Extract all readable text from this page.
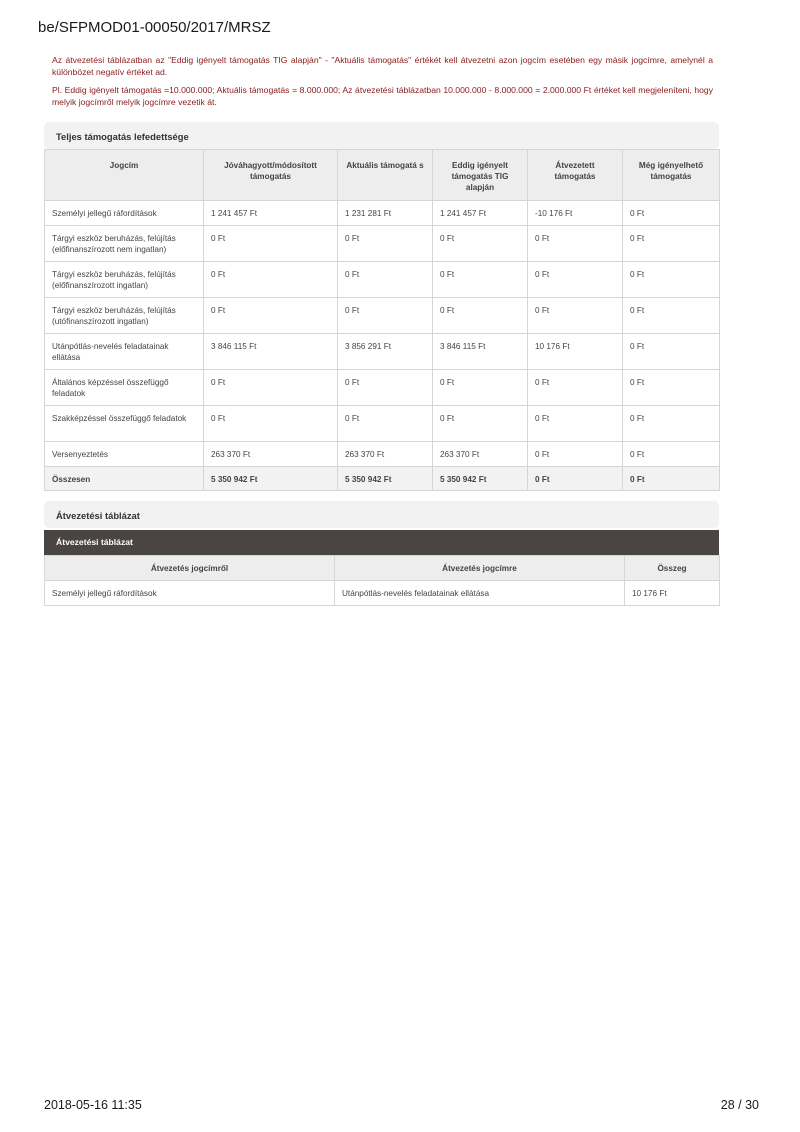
be/SFPMOD01-00050/2017/MRSZ

Az átvezetési táblázatban az "Eddig igényelt támogatás TIG alapján" - "Aktuális támogatás" értékét kell átvezetni azon jogcím esetében egy másik jogcímre, amelynél a különbözet negatív értéket ad.

Pl. Eddig igényelt támogatás =10.000.000; Aktuális támogatás = 8.000.000; Az átvezetési táblázatban 10.000.000 - 8.000.000 = 2.000.000 Ft értéket kell megjeleníteni, hogy melyik jogcímről melyik jogcímre vezetik át.

Teljes támogatás lefedettsége
Jogcím	Jóváhagyott/módosított támogatás	Aktuális támogatá s	Eddig igényelt támogatás TIG alapján	Átvezetett támogatás	Még igényelhető támogatás
Személyi jellegű ráfordítások	1 241 457 Ft	1 231 281 Ft	1 241 457 Ft	-10 176 Ft	0 Ft
Tárgyi eszköz beruházás, felújítás (előfinanszírozott nem ingatlan)	0 Ft	0 Ft	0 Ft	0 Ft	0 Ft
Tárgyi eszköz beruházás, felújítás (előfinanszírozott ingatlan)	0 Ft	0 Ft	0 Ft	0 Ft	0 Ft
Tárgyi eszköz beruházás, felújítás (utófinanszírozott ingatlan)	0 Ft	0 Ft	0 Ft	0 Ft	0 Ft
Utánpótlás-nevelés feladatainak ellátása	3 846 115 Ft	3 856 291 Ft	3 846 115 Ft	10 176 Ft	0 Ft
Általános képzéssel összefüggő feladatok	0 Ft	0 Ft	0 Ft	0 Ft	0 Ft
Szakképzéssel összefüggő feladatok	0 Ft	0 Ft	0 Ft	0 Ft	0 Ft
Versenyeztetés	263 370 Ft	263 370 Ft	263 370 Ft	0 Ft	0 Ft
Összesen	5 350 942 Ft	5 350 942 Ft	5 350 942 Ft	0 Ft	0 Ft
Átvezetési táblázat
Átvezetési táblázat
Átvezetés jogcímről	Átvezetés jogcímre	Összeg
Személyi jellegű ráfordítások	Utánpótlás-nevelés feladatainak ellátása	10 176 Ft
2018-05-16 11:35	28 / 30
